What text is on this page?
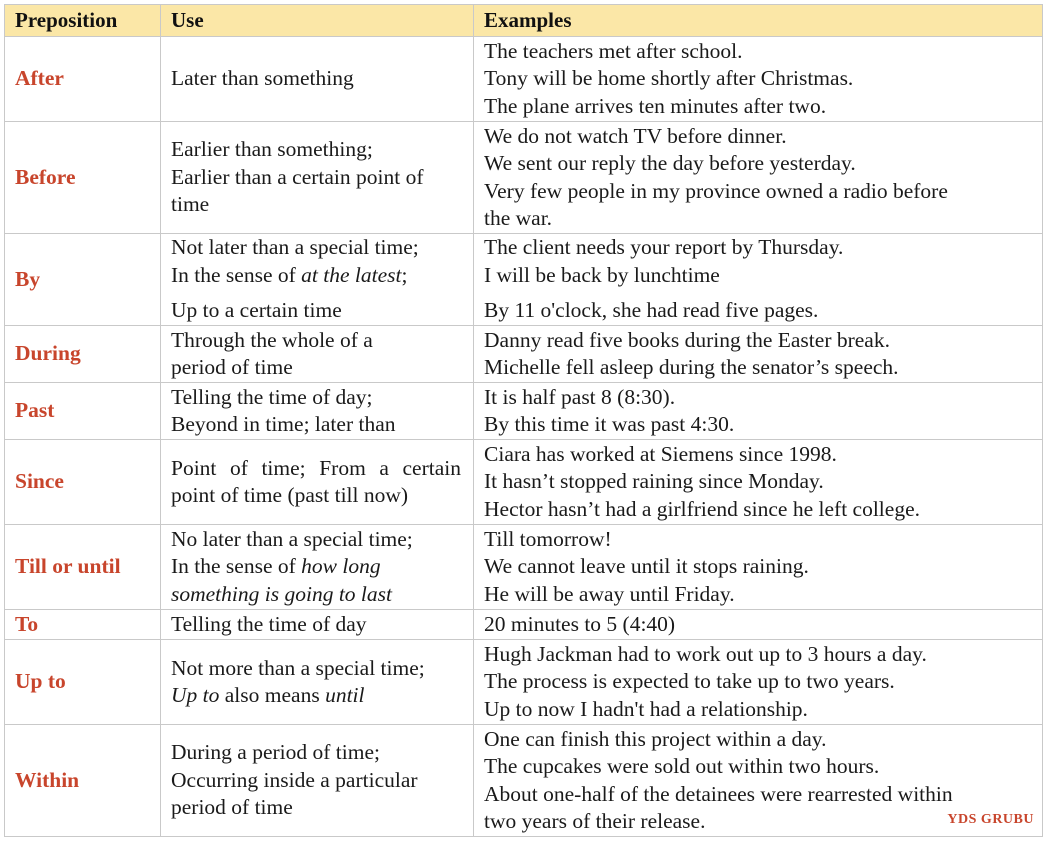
Preposition	Use	Examples
After	Later than something	The teachers met after school.
Tony will be home shortly after Christmas.
The plane arrives ten minutes after two.

Before	Earlier than something;
Earlier than a certain point of
time	We do not watch TV before dinner.
We sent our reply the day before yesterday.
Very few people in my province owned a radio before
the war.

By	Not later than a special time;
In the sense of at the latest;
Up to a certain time	The client needs your report by Thursday.
I will be back by lunchtime
By 11 o'clock, she had read five pages.

During	Through the whole of a
period of time	Danny read five books during the Easter break.
Michelle fell asleep during the senator’s speech.

Past	Telling the time of day;
Beyond in time; later than	It is half past 8 (8:30).
By this time it was past 4:30.

Since	Point of time; From a certain
point of time (past till now)	Ciara has worked at Siemens since 1998.
It hasn’t stopped raining since Monday.
Hector hasn’t had a girlfriend since he left college.

Till or until	No later than a special time;
In the sense of how long
something is going to last	Till tomorrow!
We cannot leave until it stops raining.
He will be away until Friday.

To	Telling the time of day	20 minutes to 5 (4:40)

Up to	Not more than a special time;
Up to also means until	Hugh Jackman had to work out up to 3 hours a day.
The process is expected to take up to two years.
Up to now I hadn't had a relationship.

Within	During a period of time;
Occurring inside a particular
period of time	One can finish this project within a day.
The cupcakes were sold out within two hours.
About one-half of the detainees were rearrested within
two years of their release.	YDS GRUBU
